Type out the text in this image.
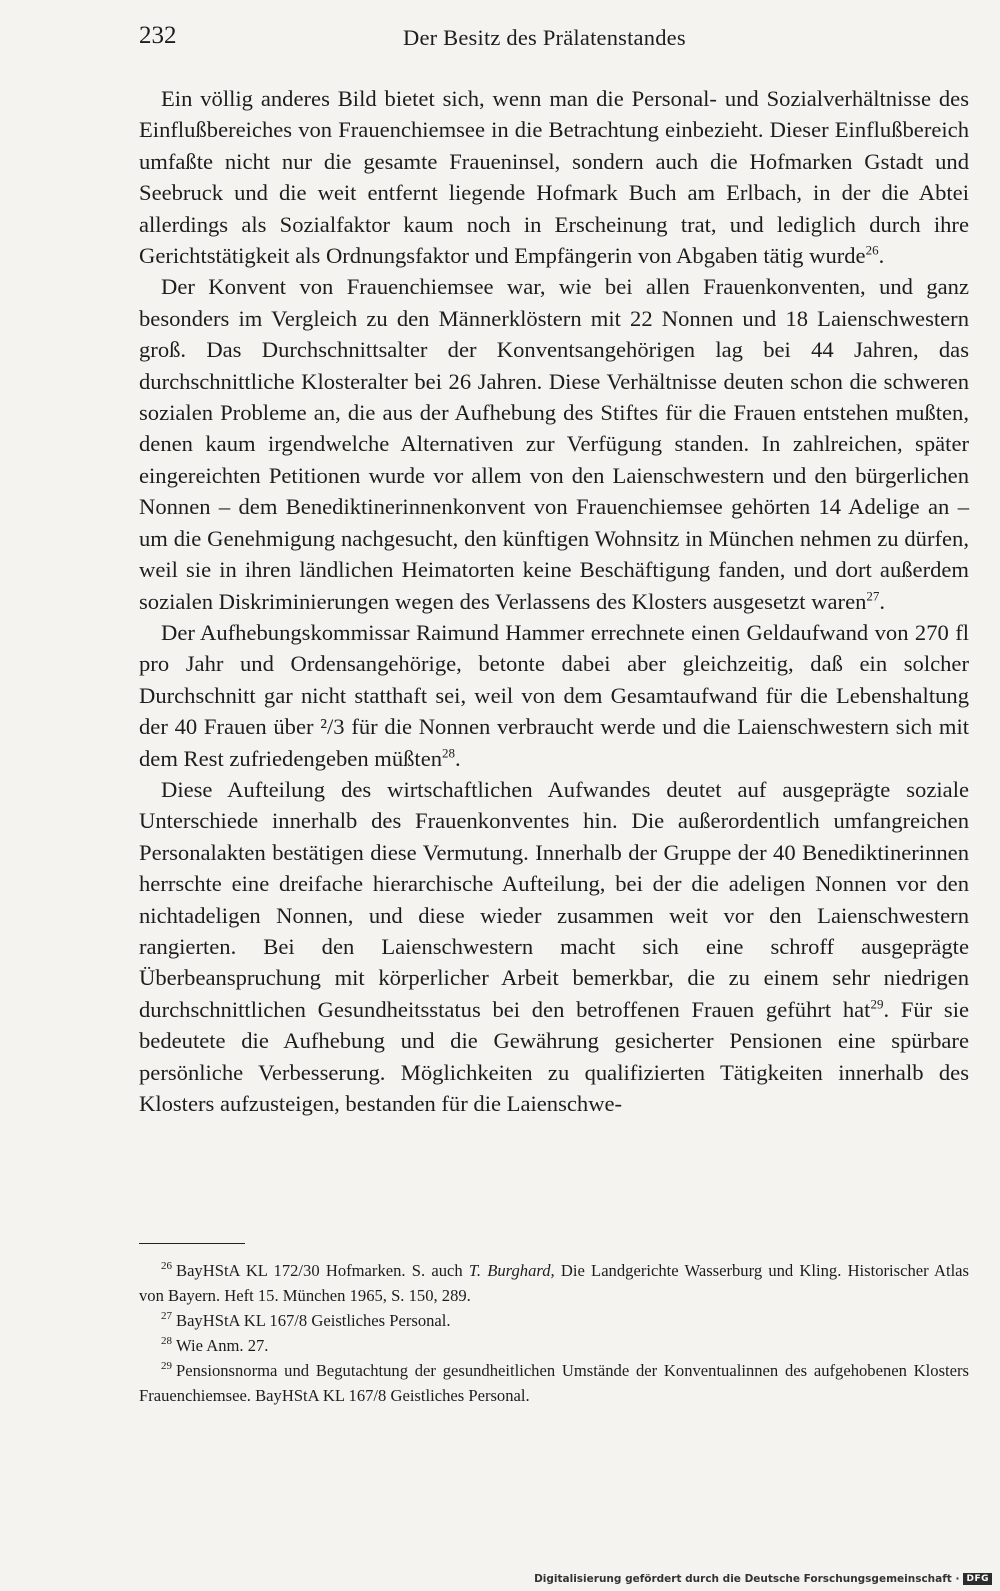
232	Der Besitz des Prälatenstandes

Ein völlig anderes Bild bietet sich, wenn man die Personal- und Sozialverhältnisse des Einflußbereiches von Frauenchiemsee in die Betrachtung einbezieht. Dieser Einflußbereich umfaßte nicht nur die gesamte Fraueninsel, sondern auch die Hofmarken Gstadt und Seebruck und die weit entfernt liegende Hofmark Buch am Erlbach, in der die Abtei allerdings als Sozialfaktor kaum noch in Erscheinung trat, und lediglich durch ihre Gerichtstätigkeit als Ordnungsfaktor und Empfängerin von Abgaben tätig wurde$^{26}$.

Der Konvent von Frauenchiemsee war, wie bei allen Frauenkonventen, und ganz besonders im Vergleich zu den Männerklöstern mit 22 Nonnen und 18 Laienschwestern groß. Das Durchschnittsalter der Konventsangehörigen lag bei 44 Jahren, das durchschnittliche Klosteralter bei 26 Jahren. Diese Verhältnisse deuten schon die schweren sozialen Probleme an, die aus der Aufhebung des Stiftes für die Frauen entstehen mußten, denen kaum irgendwelche Alternativen zur Verfügung standen. In zahlreichen, später eingereichten Petitionen wurde vor allem von den Laienschwestern und den bürgerlichen Nonnen – dem Benediktinerinnenkonvent von Frauenchiemsee gehörten 14 Adelige an – um die Genehmigung nachgesucht, den künftigen Wohnsitz in München nehmen zu dürfen, weil sie in ihren ländlichen Heimatorten keine Beschäftigung fanden, und dort außerdem sozialen Diskriminierungen wegen des Verlassens des Klosters ausgesetzt waren$^{27}$.

Der Aufhebungskommissar Raimund Hammer errechnete einen Geldaufwand von 270 fl pro Jahr und Ordensangehörige, betonte dabei aber gleichzeitig, daß ein solcher Durchschnitt gar nicht statthaft sei, weil von dem Gesamtaufwand für die Lebenshaltung der 40 Frauen über ²/3 für die Nonnen verbraucht werde und die Laienschwestern sich mit dem Rest zufriedengeben müßten$^{28}$.

Diese Aufteilung des wirtschaftlichen Aufwandes deutet auf ausgeprägte soziale Unterschiede innerhalb des Frauenkonventes hin. Die außerordentlich umfangreichen Personalakten bestätigen diese Vermutung. Innerhalb der Gruppe der 40 Benediktinerinnen herrschte eine dreifache hierarchische Aufteilung, bei der die adeligen Nonnen vor den nichtadeligen Nonnen, und diese wieder zusammen weit vor den Laienschwestern rangierten. Bei den Laienschwestern macht sich eine schroff ausgeprägte Überbeanspruchung mit körperlicher Arbeit bemerkbar, die zu einem sehr niedrigen durchschnittlichen Gesundheitsstatus bei den betroffenen Frauen geführt hat$^{29}$. Für sie bedeutete die Aufhebung und die Gewährung gesicherter Pensionen eine spürbare persönliche Verbesserung. Möglichkeiten zu qualifizierten Tätigkeiten innerhalb des Klosters aufzusteigen, bestanden für die Laienschwe-

$^{26}$ BayHStA KL 172/30 Hofmarken. S. auch T. Burghard, Die Landgerichte Wasserburg und Kling. Historischer Atlas von Bayern. Heft 15. München 1965, S. 150, 289.

$^{27}$ BayHStA KL 167/8 Geistliches Personal.

$^{28}$ Wie Anm. 27.

$^{29}$ Pensionsnorma und Begutachtung der gesundheitlichen Umstände der Konventualinnen des aufgehobenen Klosters Frauenchiemsee. BayHStA KL 167/8 Geistliches Personal.

Digitalisierung gefördert durch die Deutsche Forschungsgemeinschaft · DFG
